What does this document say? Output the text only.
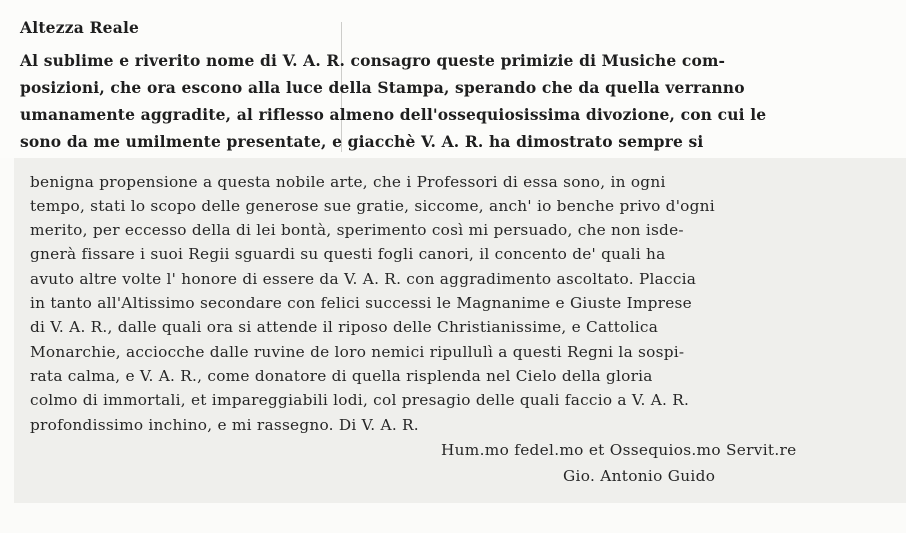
Altezza Reale
Al sublime e riverito nome di V. A. R. consagro queste primizie di Musiche com-
posizioni, che ora escono alla luce della Stampa, sperando che da quella verranno
umanamente aggradite, al riflesso almeno dell'ossequiosissima divozione, con cui le
sono da me umilmente presentate, e giacchè V. A. R. ha dimostrato sempre si
benigna propensione a questa nobile arte, che i Professori di essa sono, in ogni
tempo, stati lo scopo delle generose sue gratie, siccome, anch' io benche privo d'ogni
merito, per eccesso della di lei bontà, sperimento così mi persuado, che non isde-
gnerà fissare i suoi Regii sguardi su questi fogli canori, il concento de' quali ha
avuto altre volte l' honore di essere da V. A. R. con aggradimento ascoltato. Placcia
in tanto all'Altissimo secondare con felici successi le Magnanime e Giuste Imprese
di V. A. R., dalle quali ora si attende il riposo delle Christianissime, e Cattolica
Monarchie, acciocche dalle ruvine de loro nemici ripullulì a questi Regni la sospi-
rata calma, e V. A. R., come donatore di quella risplenda nel Cielo della gloria
colmo di immortali, et impareggiabili lodi, col presagio delle quali faccio a V. A. R.
profondissimo inchino, e mi rassegno. Di V. A. R.
Hum.mo fedel.mo et Ossequios.mo Servit.re
Gio. Antonio Guido
